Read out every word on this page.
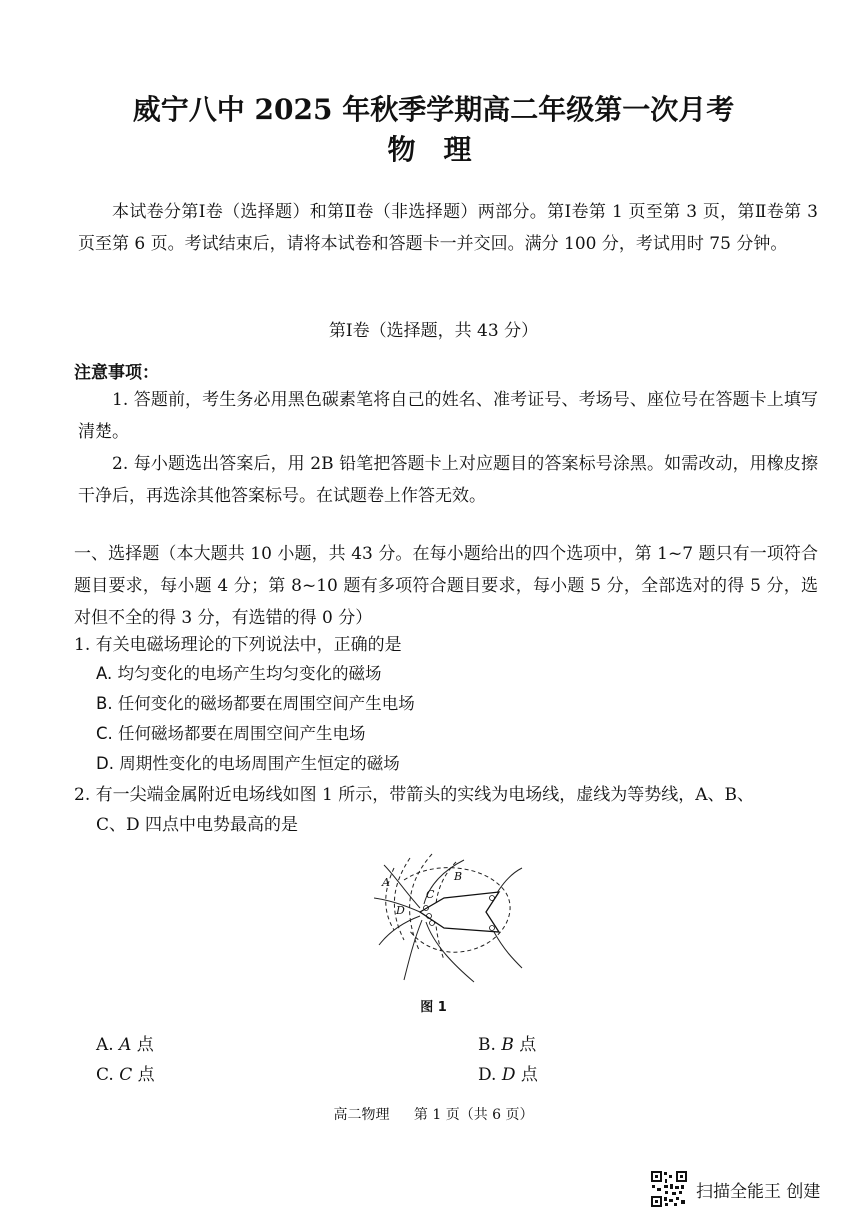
威宁八中 2025 年秋季学期高二年级第一次月考
物理
本试卷分第Ⅰ卷（选择题）和第Ⅱ卷（非选择题）两部分。第Ⅰ卷第 1 页至第 3 页，第Ⅱ卷第 3 页至第 6 页。考试结束后，请将本试卷和答题卡一并交回。满分 100 分，考试用时 75 分钟。
第Ⅰ卷（选择题，共 43 分）
注意事项：
1. 答题前，考生务必用黑色碳素笔将自己的姓名、准考证号、考场号、座位号在答题卡上填写清楚。
2. 每小题选出答案后，用 2B 铅笔把答题卡上对应题目的答案标号涂黑。如需改动，用橡皮擦干净后，再选涂其他答案标号。在试题卷上作答无效。
一、选择题（本大题共 10 小题，共 43 分。在每小题给出的四个选项中，第 1~7 题只有一项符合题目要求，每小题 4 分；第 8~10 题有多项符合题目要求，每小题 5 分，全部选对的得 5 分，选对但不全的得 3 分，有选错的得 0 分）
1. 有关电磁场理论的下列说法中，正确的是
A. 均匀变化的电场产生均匀变化的磁场
B. 任何变化的磁场都要在周围空间产生电场
C. 任何磁场都要在周围空间产生电场
D. 周期性变化的电场周围产生恒定的磁场
2. 有一尖端金属附近电场线如图 1 所示，带箭头的实线为电场线，虚线为等势线，A、B、
C、D 四点中电势最高的是
A	B
C
D
图 1
A. A 点	B. B 点
C. C 点	D. D 点
高二物理 第 1 页（共 6 页）
扫描全能王 创建
